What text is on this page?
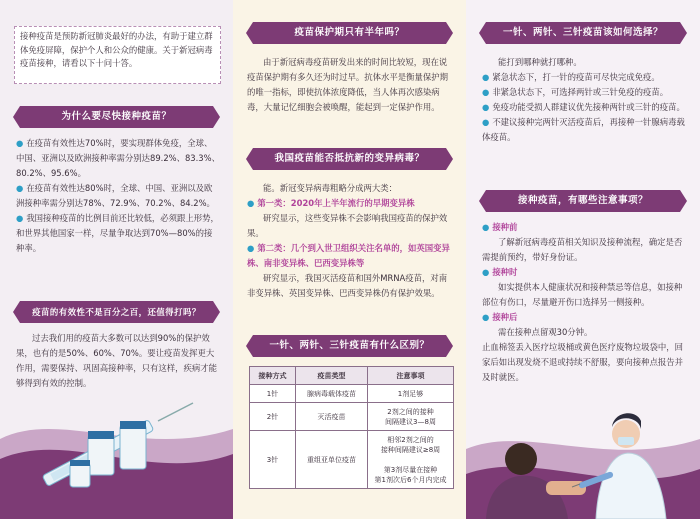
接种疫苗是预防新冠肺炎最好的办法，有助于建立群体免疫屏障，保护个人和公众的健康。关于新冠病毒疫苗接种，请看以下十问十答。
为什么要尽快接种疫苗？
● 在疫苗有效性达70%时，要实现群体免疫，全球、中国、亚洲以及欧洲接种率需分别达89.2%、83.3%、80.2%、95.6%。
● 在疫苗有效性达80%时，全球、中国、亚洲以及欧洲接种率需分别达78%、72.9%、70.2%、84.2%。
● 我国接种疫苗的比例目前还比较低，必须跟上形势，和世界其他国家一样，尽量争取达到70%—80%的接种率。
疫苗的有效性不是百分之百，还值得打吗？
过去我们用的疫苗大多数可以达到90%的保护效果，也有的是50%、60%、70%。要让疫苗发挥更大作用，需要保持、巩固高接种率，只有这样，疾病才能够得到有效的控制。
疫苗保护期只有半年吗？
由于新冠病毒疫苗研发出来的时间比较短，现在说疫苗保护期有多久还为时过早。抗体水平是衡量保护期的唯一指标，即使抗体浓度降低，当人体再次感染病毒，大量记忆细胞会被唤醒，能起到一定保护作用。
我国疫苗能否抵抗新的变异病毒？
能。新冠变异病毒粗略分成两大类：
● 第一类：2020年上半年流行的早期变异株
研究显示，这些变异株不会影响我国疫苗的保护效果。
● 第二类：几个到入世卫组织关注名单的，如英国变异株、南非变异株、巴西变异株等
研究显示，我国灭活疫苗和国外MRNA疫苗，对南非变异株、英国变异株、巴西变异株仍有保护效果。
一针、两针、三针疫苗有什么区别？
接种方式	疫苗类型	注意事项
1针	腺病毒载体疫苗	1剂足够
2针	灭活疫苗	2剂之间的接种
间隔建议3—8周
3针	重组亚单位疫苗	相邻2剂之间的
接种间隔建议≥8周

第3剂尽量在接种
第1剂次后6个月内完成
一针、两针、三针疫苗该如何选择？
能打到哪种就打哪种。
● 紧急状态下，打一针的疫苗可尽快完成免疫。
● 非紧急状态下，可选择两针或三针免疫的疫苗。
● 免疫功能受损人群建议优先接种两针或三针的疫苗。
● 不建议接种完两针灭活疫苗后，再接种一针腺病毒载体疫苗。
接种疫苗，有哪些注意事项？
● 接种前
了解新冠病毒疫苗相关知识及接种流程，确定是否需提前预约，带好身份证。
● 接种时
如实提供本人健康状况和接种禁忌等信息，如接种部位有伤口，尽量避开伤口选择另一侧接种。
● 接种后
需在接种点留观30分钟。
止血棉签丢入医疗垃圾桶或黄色医疗废物垃圾袋中，回家后如出现发烧不退或持续不舒服，要向接种点报告并及时就医。
